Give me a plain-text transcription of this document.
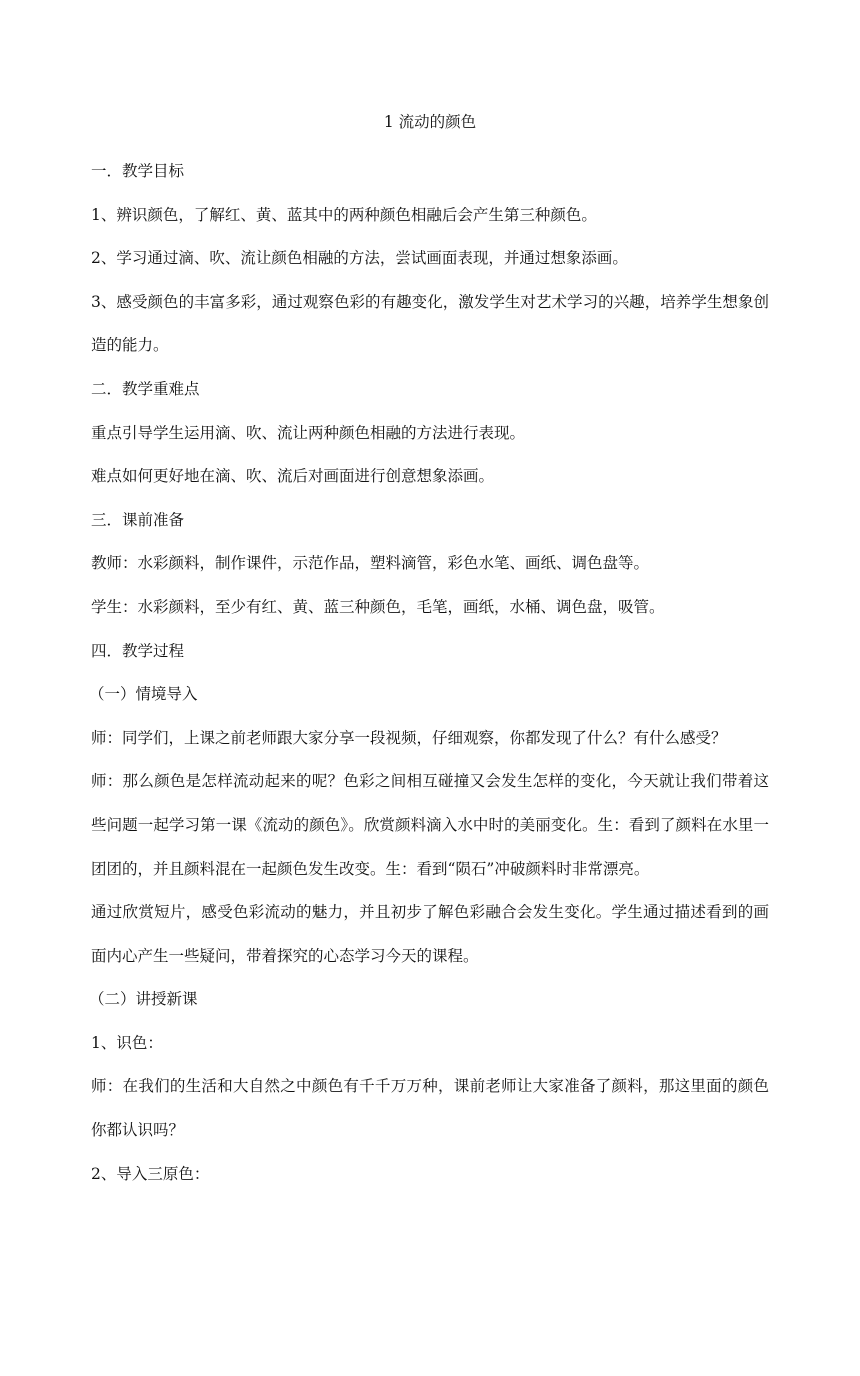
1 流动的颜色

一．教学目标

1、辨识颜色，了解红、黄、蓝其中的两种颜色相融后会产生第三种颜色。

2、学习通过滴、吹、流让颜色相融的方法，尝试画面表现，并通过想象添画。

3、感受颜色的丰富多彩，通过观察色彩的有趣变化，激发学生对艺术学习的兴趣，培养学生想象创造的能力。

二．教学重难点

重点引导学生运用滴、吹、流让两种颜色相融的方法进行表现。

难点如何更好地在滴、吹、流后对画面进行创意想象添画。

三．课前准备

教师：水彩颜料，制作课件，示范作品，塑料滴管，彩色水笔、画纸、调色盘等。

学生：水彩颜料，至少有红、黄、蓝三种颜色，毛笔，画纸，水桶、调色盘，吸管。

四．教学过程

（一）情境导入

师：同学们，上课之前老师跟大家分享一段视频，仔细观察，你都发现了什么？有什么感受？

师：那么颜色是怎样流动起来的呢？色彩之间相互碰撞又会发生怎样的变化，今天就让我们带着这些问题一起学习第一课《流动的颜色》。欣赏颜料滴入水中时的美丽变化。生：看到了颜料在水里一团团的，并且颜料混在一起颜色发生改变。生：看到“陨石”冲破颜料时非常漂亮。

通过欣赏短片，感受色彩流动的魅力，并且初步了解色彩融合会发生变化。学生通过描述看到的画面内心产生一些疑问，带着探究的心态学习今天的课程。

（二）讲授新课

1、识色：

师：在我们的生活和大自然之中颜色有千千万万种，课前老师让大家准备了颜料，那这里面的颜色你都认识吗？

2、导入三原色：
